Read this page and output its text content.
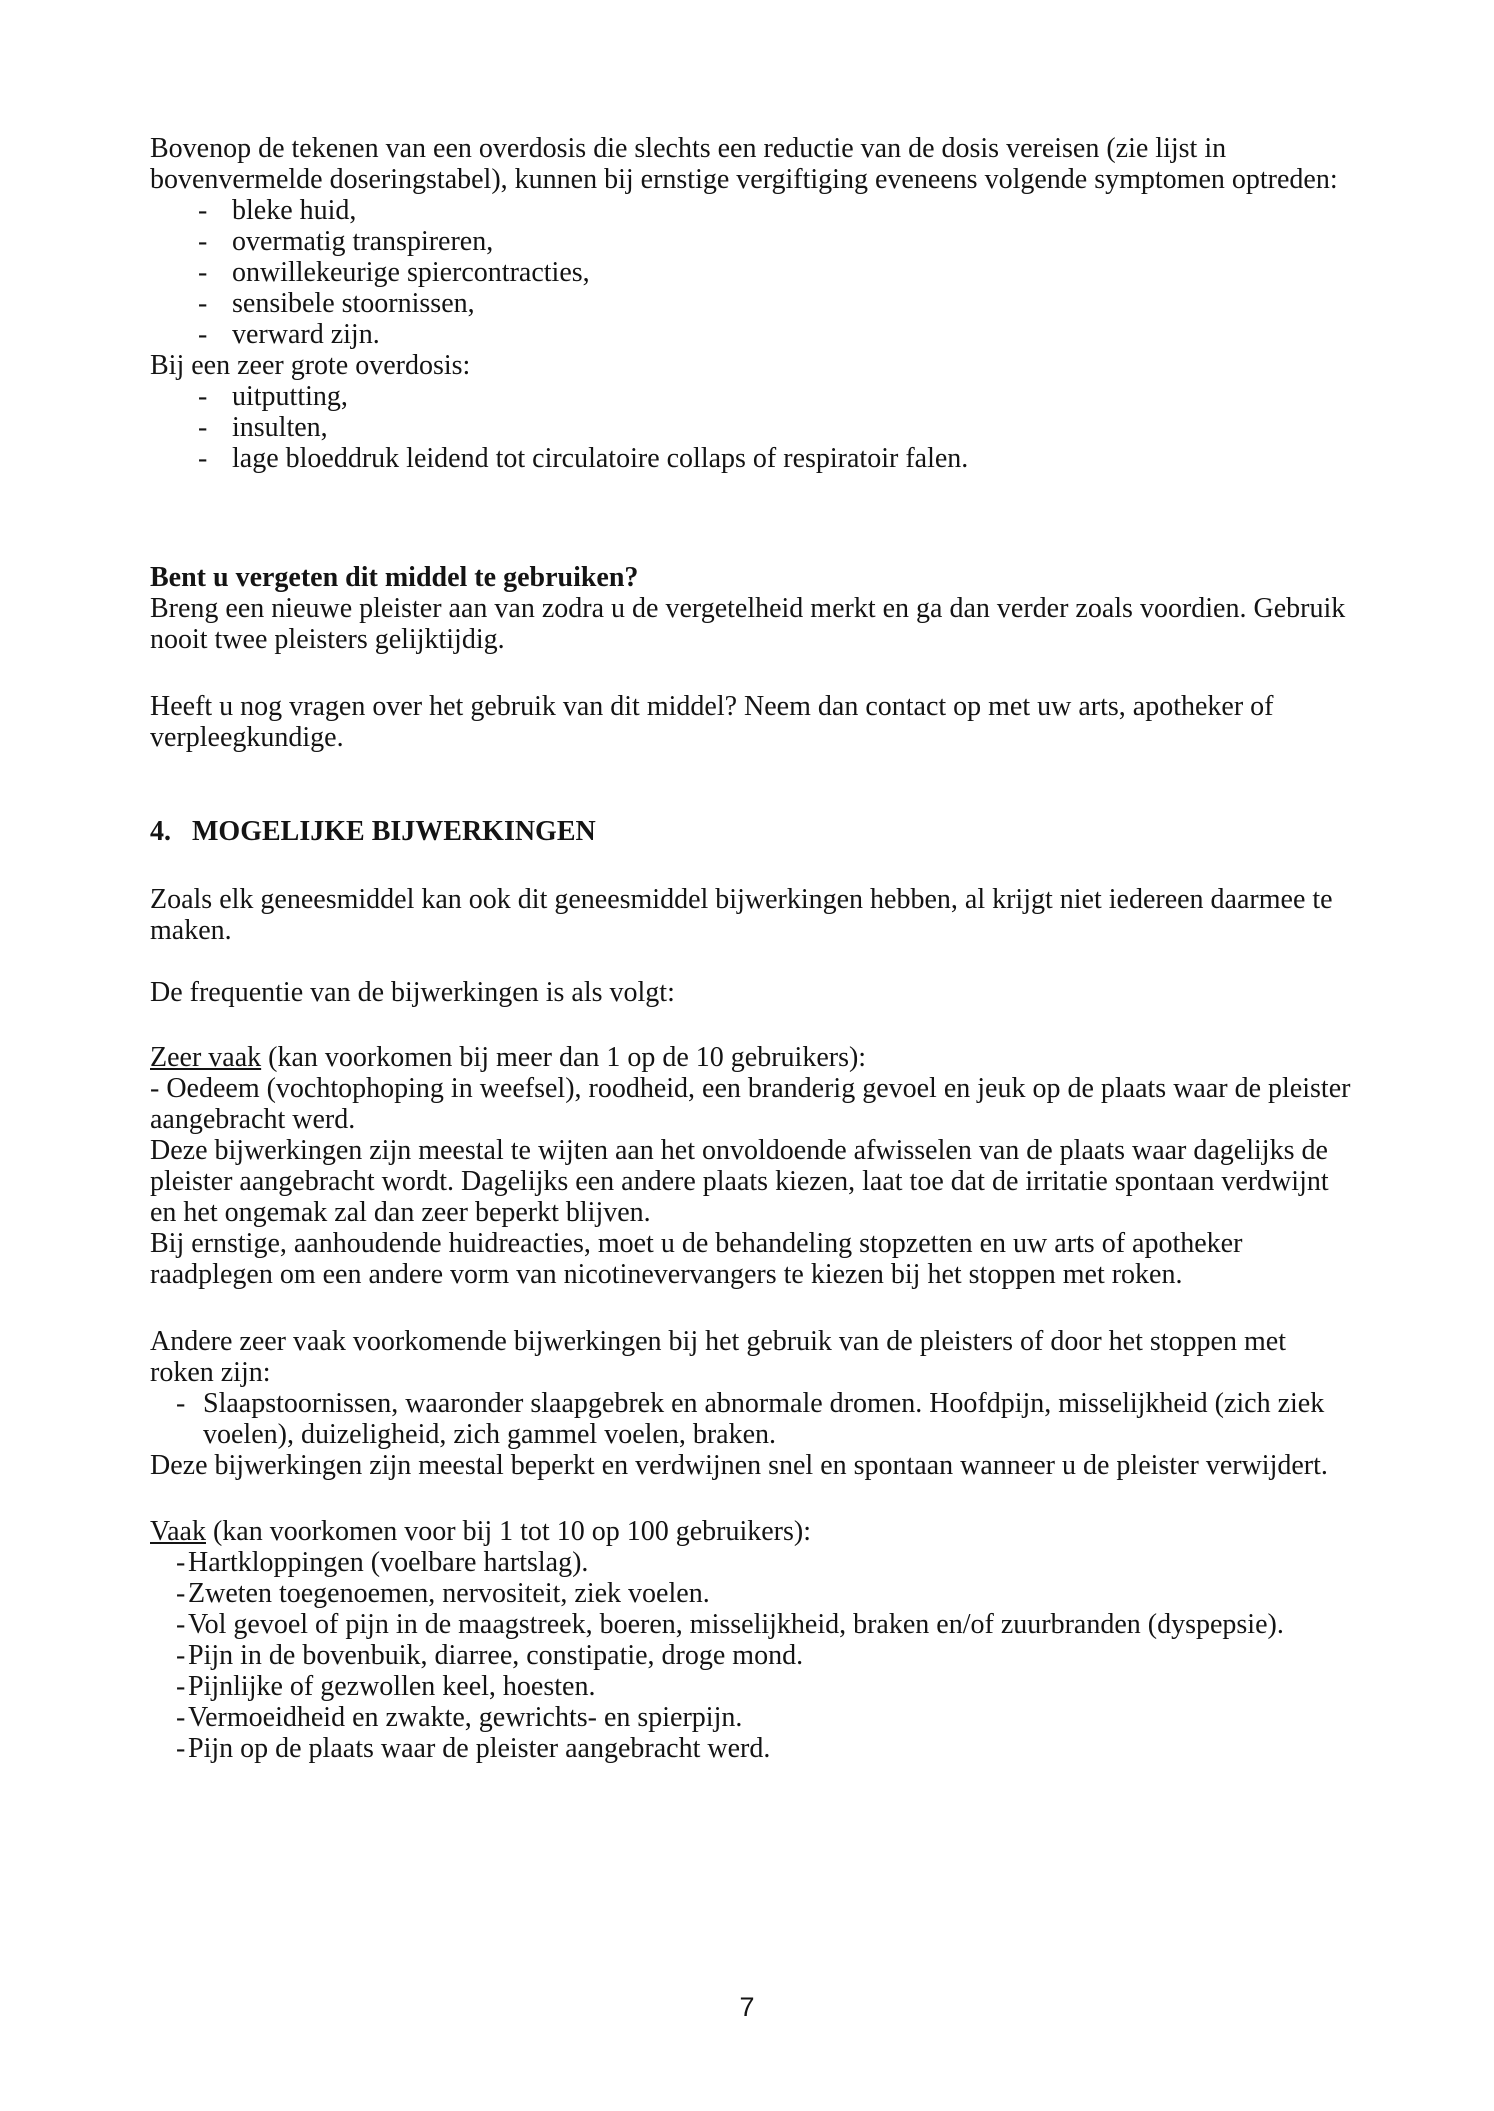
Bovenop de tekenen van een overdosis die slechts een reductie van de dosis vereisen (zie lijst in bovenvermelde doseringstabel), kunnen bij ernstige vergiftiging eveneens volgende symptomen optreden:

- bleke huid,
- overmatig transpireren,
- onwillekeurige spiercontracties,
- sensibele stoornissen,
- verward zijn.

Bij een zeer grote overdosis:

- uitputting,
- insulten,
- lage bloeddruk leidend tot circulatoire collaps of respiratoir falen.

Bent u vergeten dit middel te gebruiken?

Breng een nieuwe pleister aan van zodra u de vergetelheid merkt en ga dan verder zoals voordien. Gebruik nooit twee pleisters gelijktijdig.

Heeft u nog vragen over het gebruik van dit middel? Neem dan contact op met uw arts, apotheker of verpleegkundige.

4. MOGELIJKE BIJWERKINGEN

Zoals elk geneesmiddel kan ook dit geneesmiddel bijwerkingen hebben, al krijgt niet iedereen daarmee te maken.

De frequentie van de bijwerkingen is als volgt:

Zeer vaak (kan voorkomen bij meer dan 1 op de 10 gebruikers):

- Oedeem (vochtophoping in weefsel), roodheid, een branderig gevoel en jeuk op de plaats waar de pleister aangebracht werd.

Deze bijwerkingen zijn meestal te wijten aan het onvoldoende afwisselen van de plaats waar dagelijks de pleister aangebracht wordt. Dagelijks een andere plaats kiezen, laat toe dat de irritatie spontaan verdwijnt en het ongemak zal dan zeer beperkt blijven.

Bij ernstige, aanhoudende huidreacties, moet u de behandeling stopzetten en uw arts of apotheker raadplegen om een andere vorm van nicotinevervangers te kiezen bij het stoppen met roken.

Andere zeer vaak voorkomende bijwerkingen bij het gebruik van de pleisters of door het stoppen met roken zijn:

- Slaapstoornissen, waaronder slaapgebrek en abnormale dromen. Hoofdpijn, misselijkheid (zich ziek voelen), duizeligheid, zich gammel voelen, braken.

Deze bijwerkingen zijn meestal beperkt en verdwijnen snel en spontaan wanneer u de pleister verwijdert.

Vaak (kan voorkomen voor bij 1 tot 10 op 100 gebruikers):

- Hartkloppingen (voelbare hartslag).
- Zweten toegenoemen, nervositeit, ziek voelen.
- Vol gevoel of pijn in de maagstreek, boeren, misselijkheid, braken en/of zuurbranden (dyspepsie).
- Pijn in de bovenbuik, diarree, constipatie, droge mond.
- Pijnlijke of gezwollen keel, hoesten.
- Vermoeidheid en zwakte, gewrichts- en spierpijn.
- Pijn op de plaats waar de pleister aangebracht werd.
7
